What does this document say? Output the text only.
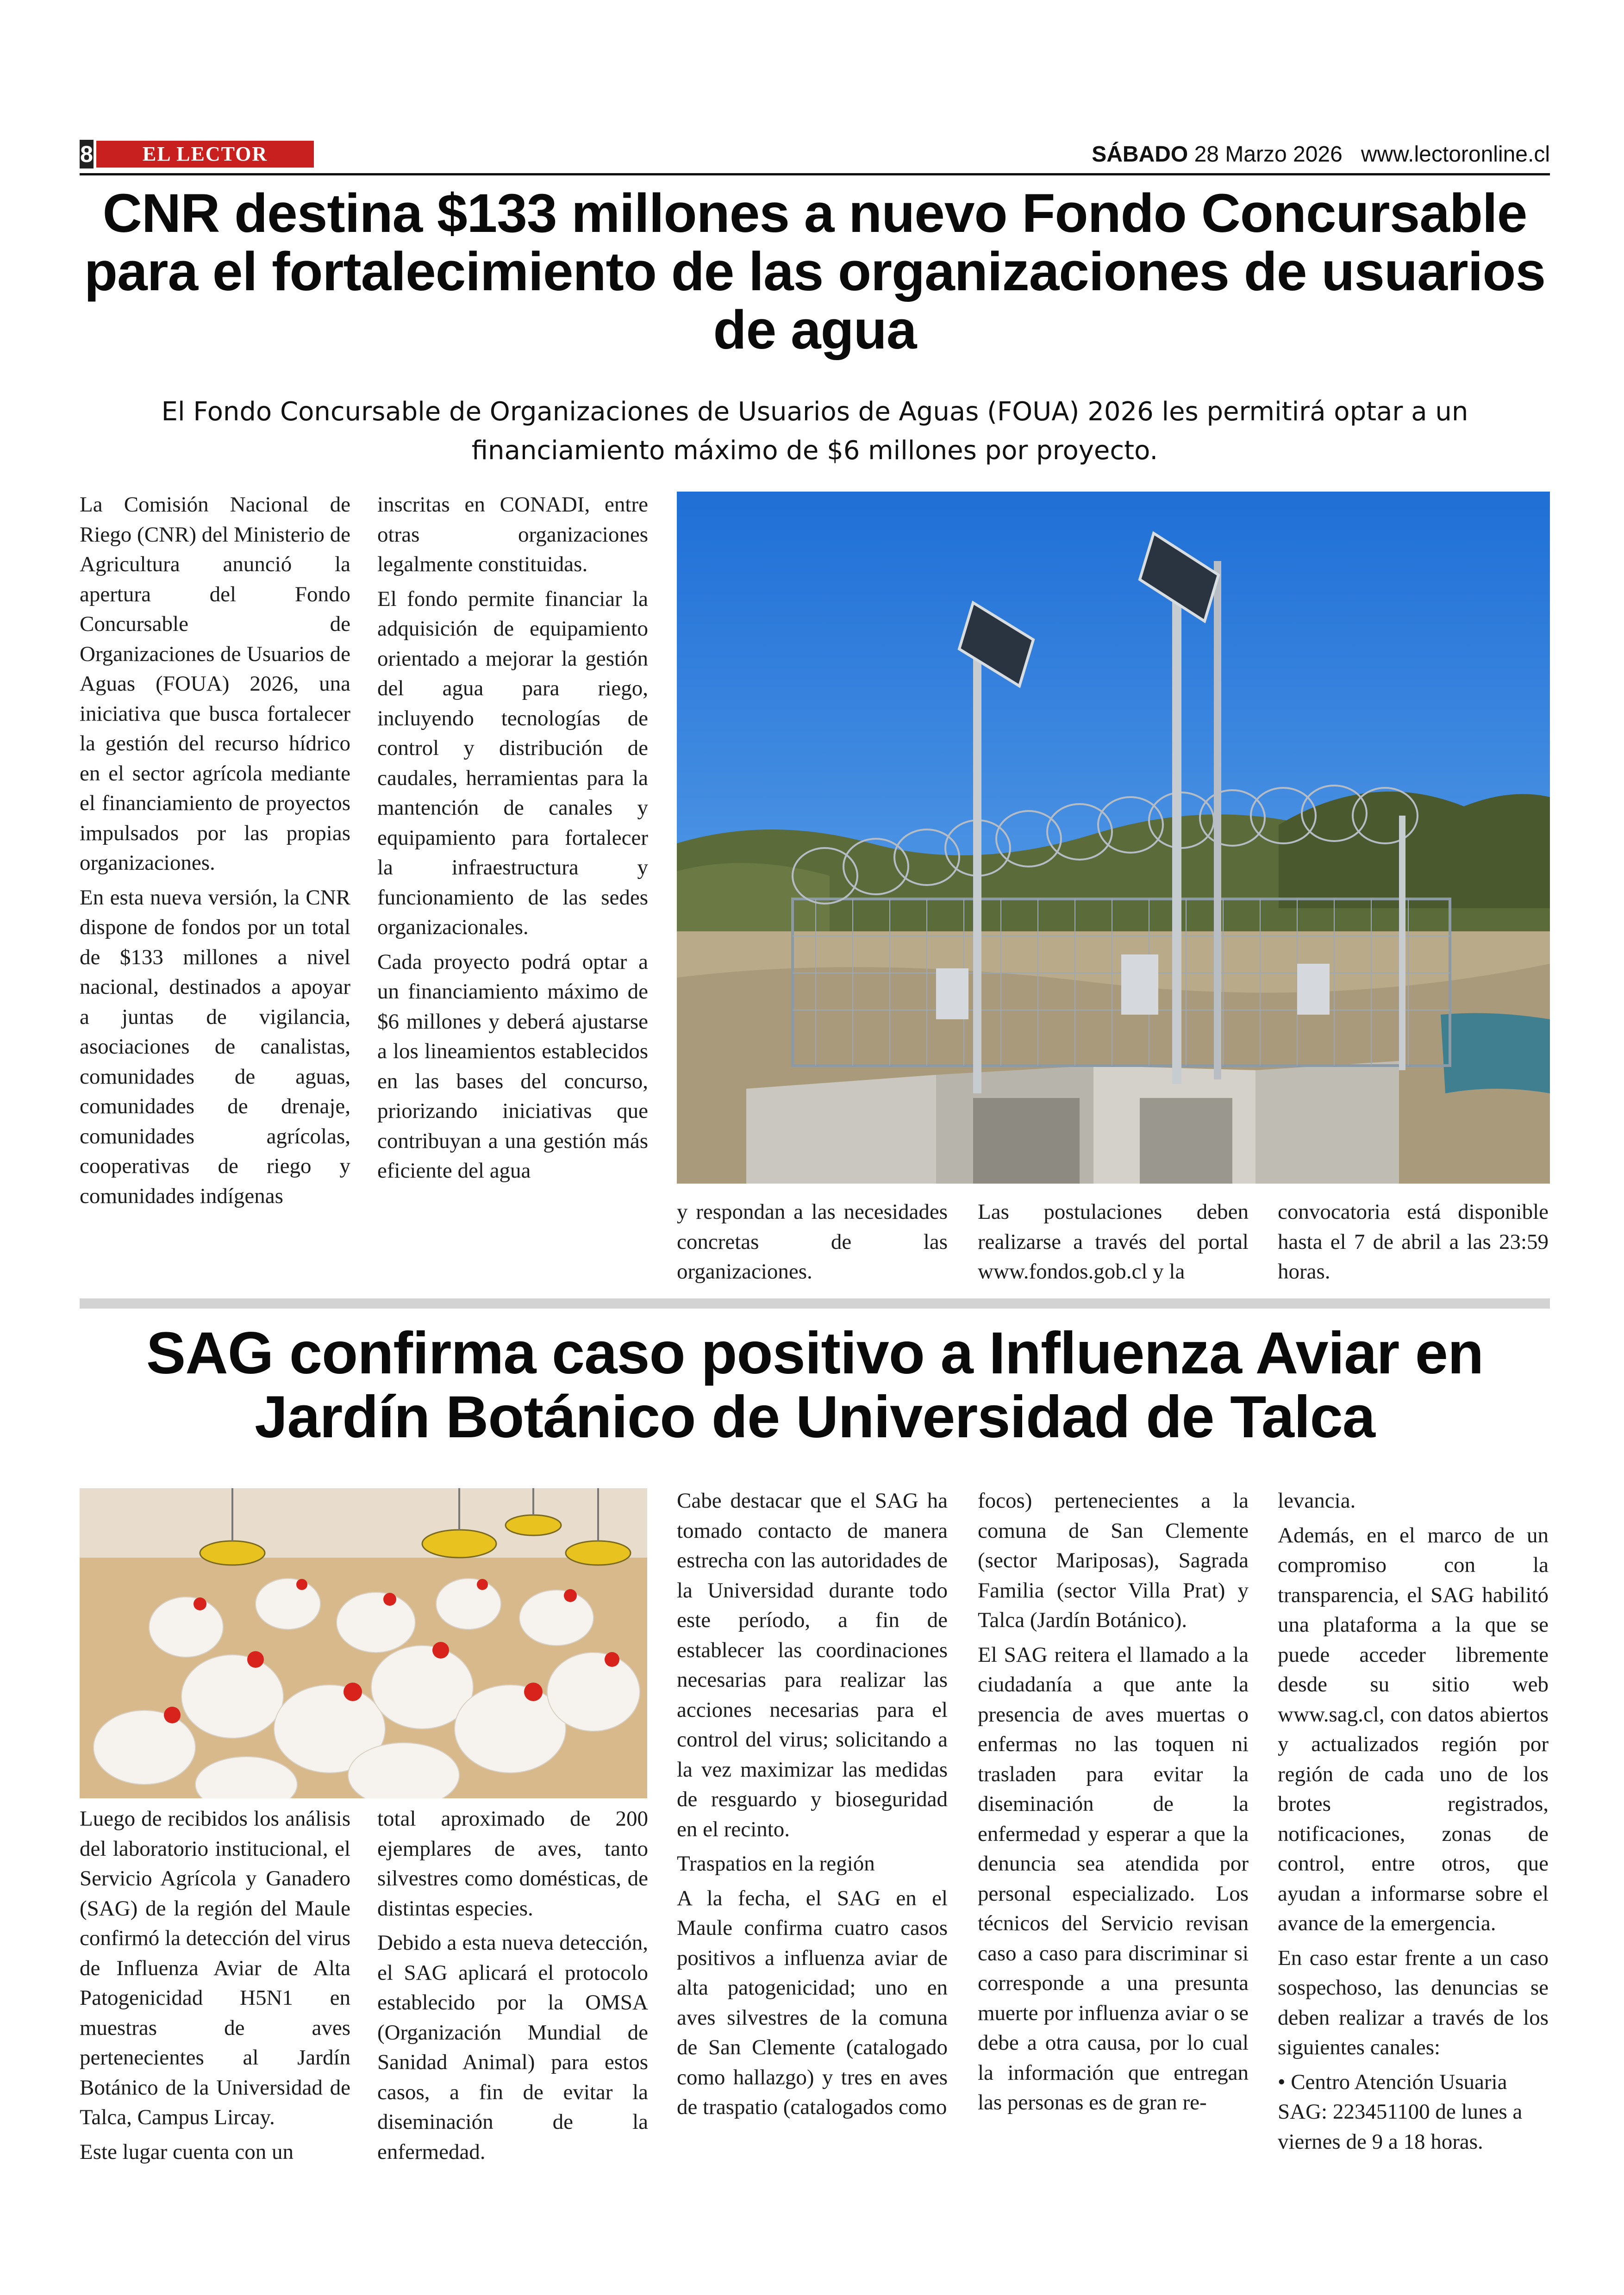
8	EL LECTOR	SÁBADO 28 Marzo 2026 www.lectoronline.cl
CNR destina $133 millones a nuevo Fondo Concursable
para el fortalecimiento de las organizaciones de usuarios
de agua
El Fondo Concursable de Organizaciones de Usuarios de Aguas (FOUA) 2026 les permitirá optar a un
financiamiento máximo de $6 millones por proyecto.

La Comisión Nacional de Riego (CNR) del Ministerio de Agricultura anunció la apertura del Fondo Concursable de Organizaciones de Usuarios de Aguas (FOUA) 2026, una iniciativa que busca fortalecer la gestión del recurso hídrico en el sector agrícola mediante el financiamiento de proyectos impulsados por las propias organizaciones.

En esta nueva versión, la CNR dispone de fondos por un total de $133 millones a nivel nacional, destinados a apoyar a juntas de vigilancia, asociaciones de canalistas, comunidades de aguas, comunidades de drenaje, comunidades agrícolas, cooperativas de riego y comunidades indígenas

inscritas en CONADI, entre otras organizaciones legalmente constituidas.

El fondo permite financiar la adquisición de equipamiento orientado a mejorar la gestión del agua para riego, incluyendo tecnologías de control y distribución de caudales, herramientas para la mantención de canales y equipamiento para fortalecer la infraestructura y funcionamiento de las sedes organizacionales.

Cada proyecto podrá optar a un financiamiento máximo de $6 millones y deberá ajustarse a los lineamientos establecidos en las bases del concurso, priorizando iniciativas que contribuyan a una gestión más eficiente del agua

y respondan a las necesidades concretas de las organizaciones.

Las postulaciones deben realizarse a través del portal www.fondos.gob.cl y la

convocatoria está disponible hasta el 7 de abril a las 23:59 horas.

SAG confirma caso positivo a Influenza Aviar en
Jardín Botánico de Universidad de Talca

Luego de recibidos los análisis del laboratorio institucional, el Servicio Agrícola y Ganadero (SAG) de la región del Maule confirmó la detección del virus de Influenza Aviar de Alta Patogenicidad H5N1 en muestras de aves pertenecientes al Jardín Botánico de la Universidad de Talca, Campus Lircay.

Este lugar cuenta con un

total aproximado de 200 ejemplares de aves, tanto silvestres como domésticas, de distintas especies.

Debido a esta nueva detección, el SAG aplicará el protocolo establecido por la OMSA (Organización Mundial de Sanidad Animal) para estos casos, a fin de evitar la diseminación de la enfermedad.

Cabe destacar que el SAG ha tomado contacto de manera estrecha con las autoridades de la Universidad durante todo este período, a fin de establecer las coordinaciones necesarias para realizar las acciones necesarias para el control del virus; solicitando a la vez maximizar las medidas de resguardo y bioseguridad en el recinto.

Traspatios en la región

A la fecha, el SAG en el Maule confirma cuatro casos positivos a influenza aviar de alta patogenicidad; uno en aves silvestres de la comuna de San Clemente (catalogado como hallazgo) y tres en aves de traspatio (catalogados como

focos) pertenecientes a la comuna de San Clemente (sector Mariposas), Sagrada Familia (sector Villa Prat) y Talca (Jardín Botánico).

El SAG reitera el llamado a la ciudadanía a que ante la presencia de aves muertas o enfermas no las toquen ni trasladen para evitar la diseminación de la enfermedad y esperar a que la denuncia sea atendida por personal especializado. Los técnicos del Servicio revisan caso a caso para discriminar si corresponde a una presunta muerte por influenza aviar o se debe a otra causa, por lo cual la información que entregan las personas es de gran re-

levancia.

Además, en el marco de un compromiso con la transparencia, el SAG habilitó una plataforma a la que se puede acceder libremente desde su sitio web www.sag.cl, con datos abiertos y actualizados región por región de cada uno de los brotes registrados, notificaciones, zonas de control, entre otros, que ayudan a informarse sobre el avance de la emergencia.

En caso estar frente a un caso sospechoso, las denuncias se deben realizar a través de los siguientes canales:

• Centro Atención Usuaria SAG: 223451100 de lunes a viernes de 9 a 18 horas.
